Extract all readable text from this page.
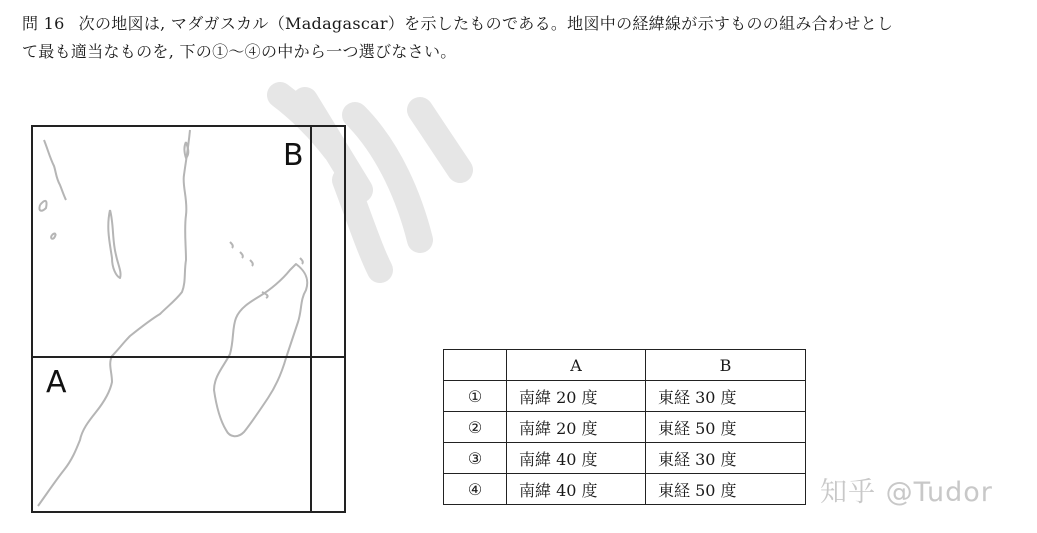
問 16 次の地図は, マダガスカル（Madagascar）を示したものである。地図中の経緯線が示すものの組み合わせとし
て最も適当なものを, 下の①～④の中から一つ選びなさい。
A
B
	A	B
①	南緯 20 度	東経 30 度
②	南緯 20 度	東経 50 度
③	南緯 40 度	東経 30 度
④	南緯 40 度	東経 50 度	知乎 @Tudor
